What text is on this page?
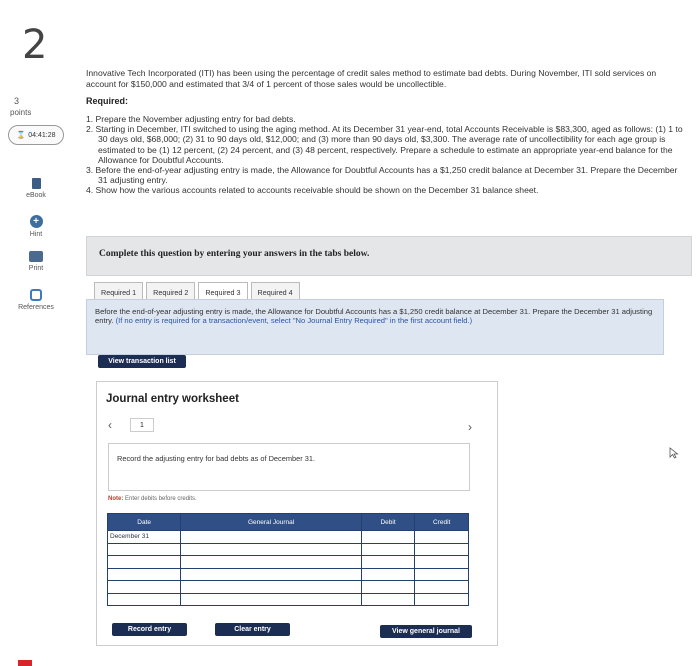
2
3
points
⌛ 04:41:28
eBook
+
Hint
Print
References
Innovative Tech Incorporated (ITI) has been using the percentage of credit sales method to estimate bad debts. During November, ITI sold services on account for $150,000 and estimated that 3/4 of 1 percent of those sales would be uncollectible.
Required:
1. Prepare the November adjusting entry for bad debts.
2. Starting in December, ITI switched to using the aging method. At its December 31 year-end, total Accounts Receivable is $83,300, aged as follows: (1) 1 to 30 days old, $68,000; (2) 31 to 90 days old, $12,000; and (3) more than 90 days old, $3,300. The average rate of uncollectibility for each age group is estimated to be (1) 12 percent, (2) 24 percent, and (3) 48 percent, respectively. Prepare a schedule to estimate an appropriate year-end balance for the Allowance for Doubtful Accounts.
3. Before the end-of-year adjusting entry is made, the Allowance for Doubtful Accounts has a $1,250 credit balance at December 31. Prepare the December 31 adjusting entry.
4. Show how the various accounts related to accounts receivable should be shown on the December 31 balance sheet.
Complete this question by entering your answers in the tabs below.
Required 1	Required 2	Required 3	Required 4
Before the end-of-year adjusting entry is made, the Allowance for Doubtful Accounts has a $1,250 credit balance at December 31. Prepare the December 31 adjusting entry. (If no entry is required for a transaction/event, select "No Journal Entry Required" in the first account field.)
View transaction list
Journal entry worksheet
‹	1	›
Record the adjusting entry for bad debts as of December 31.
Note: Enter debits before credits.
Date	General Journal	Debit	Credit
December 31			

Record entry	Clear entry	View general journal
